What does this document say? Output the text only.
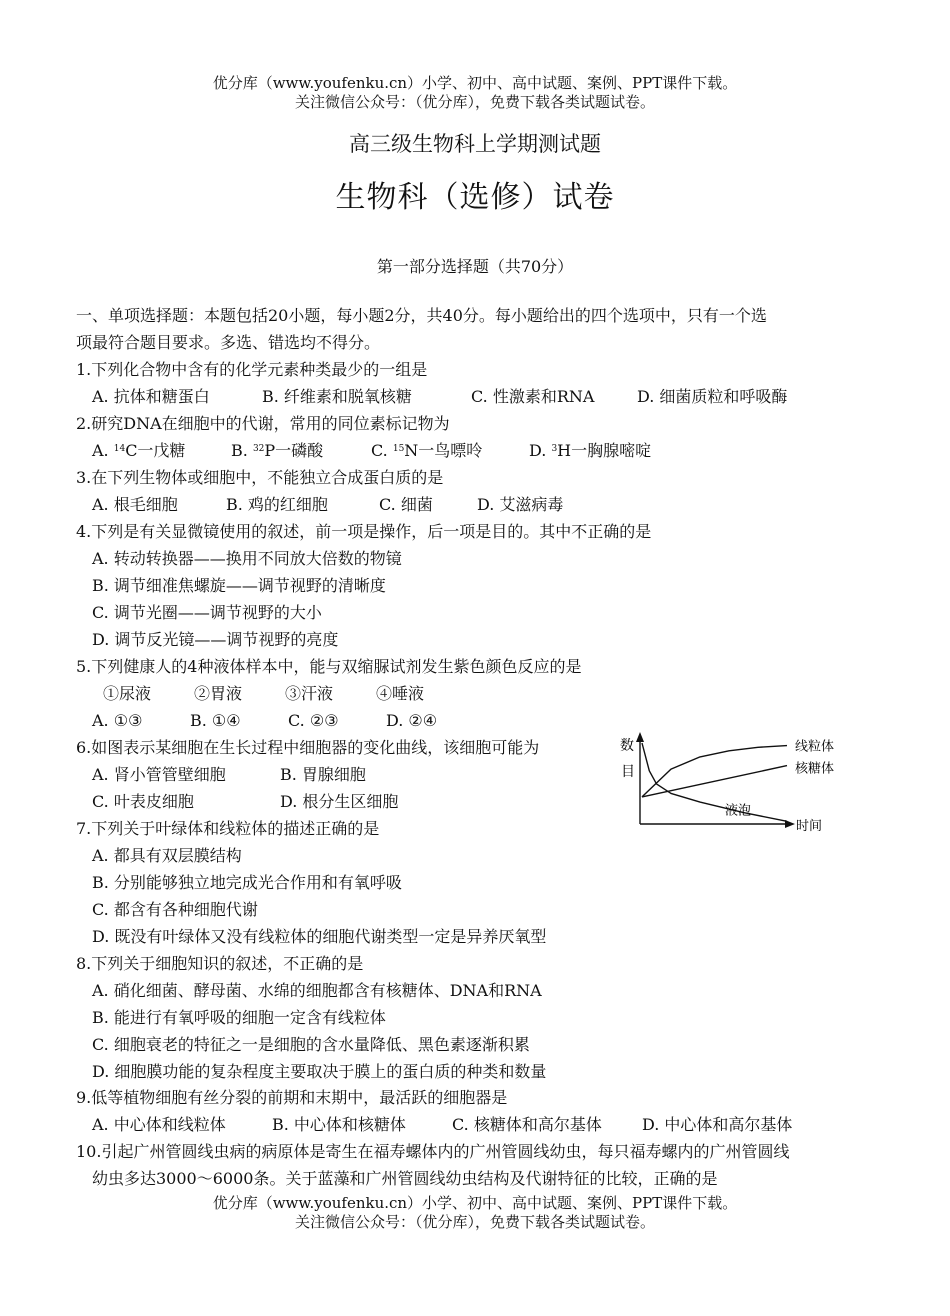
优分库（www.youfenku.cn）小学、初中、高中试题、案例、PPT课件下载。
关注微信公众号：（优分库），免费下载各类试题试卷。
高三级生物科上学期测试题
生物科（选修）试卷
第一部分选择题（共70分）
一、单项选择题：本题包括20小题，每小题2分，共40分。每小题给出的四个选项中，只有一个选
项最符合题目要求。多选、错选均不得分。
1.下列化合物中含有的化学元素种类最少的一组是
A. 抗体和糖蛋白	B. 纤维素和脱氧核糖	C. 性激素和RNA	D. 细菌质粒和呼吸酶
2.研究DNA在细胞中的代谢，常用的同位素标记物为
A. $^{14}$C一戊糖	B. $^{32}$P一磷酸	C. $^{15}$N一鸟嘌呤	D. $^3$H一胸腺嘧啶
3.在下列生物体或细胞中，不能独立合成蛋白质的是
A. 根毛细胞	B. 鸡的红细胞	C. 细菌	D. 艾滋病毒
4.下列是有关显微镜使用的叙述，前一项是操作，后一项是目的。其中不正确的是
A. 转动转换器——换用不同放大倍数的物镜
B. 调节细准焦螺旋——调节视野的清晰度
C. 调节光圈——调节视野的大小
D. 调节反光镜——调节视野的亮度
5.下列健康人的4种液体样本中，能与双缩脲试剂发生紫色颜色反应的是
①尿液	②胃液	③汗液	④唾液
A. ①③	B. ①④	C. ②③	D. ②④
6.如图表示某细胞在生长过程中细胞器的变化曲线，该细胞可能为
A. 肾小管管壁细胞	B. 胃腺细胞
C. 叶表皮细胞	D. 根分生区细胞
数
目
时间
线粒体
核糖体
液泡
7.下列关于叶绿体和线粒体的描述正确的是
A. 都具有双层膜结构
B. 分别能够独立地完成光合作用和有氧呼吸
C. 都含有各种细胞代谢
D. 既没有叶绿体又没有线粒体的细胞代谢类型一定是异养厌氧型
8.下列关于细胞知识的叙述，不正确的是
A. 硝化细菌、酵母菌、水绵的细胞都含有核糖体、DNA和RNA
B. 能进行有氧呼吸的细胞一定含有线粒体
C. 细胞衰老的特征之一是细胞的含水量降低、黑色素逐渐积累
D. 细胞膜功能的复杂程度主要取决于膜上的蛋白质的种类和数量
9.低等植物细胞有丝分裂的前期和末期中，最活跃的细胞器是
A. 中心体和线粒体	B. 中心体和核糖体	C. 核糖体和高尔基体	D. 中心体和高尔基体
10.引起广州管圆线虫病的病原体是寄生在福寿螺体内的广州管圆线幼虫，每只福寿螺内的广州管圆线
幼虫多达3000～6000条。关于蓝藻和广州管圆线幼虫结构及代谢特征的比较，正确的是
优分库（www.youfenku.cn）小学、初中、高中试题、案例、PPT课件下载。
关注微信公众号：（优分库），免费下载各类试题试卷。
